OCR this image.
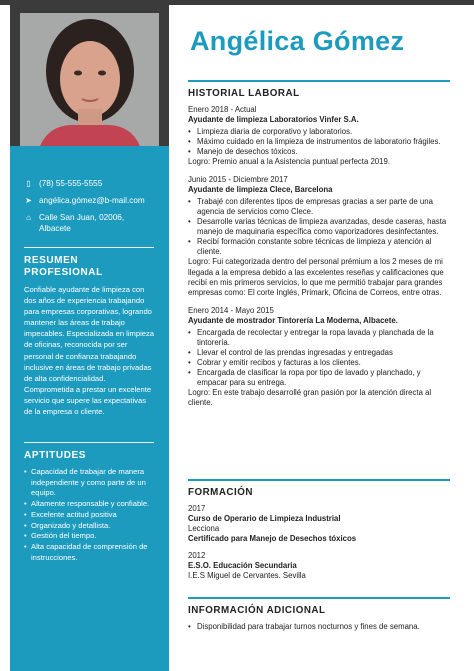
▯ (78) 55-555-5555
➤ angélica.gómez@b-mail.com
⌂ Calle San Juan, 02006,
Albacete
RESUMEN
PROFESIONAL
Confiable ayudante de limpieza con dos años de experiencia trabajando para empresas corporativas, logrando mantener las áreas de trabajo impecables. Especializada en limpieza de oficinas, reconocida por ser personal de confianza trabajando inclusive en áreas de trabajo privadas de alta confidencialidad. Comprometida a prestar un excelente servicio que supere las expectativas de la empresa o cliente.
APTITUDES
• Capacidad de trabajar de manera independiente y como parte de un equipo.
• Altamente responsable y confiable.
• Excelente actitud positiva
• Organizado y detallista.
• Gestión del tiempo.
• Alta capacidad de comprensión de instrucciones.
Angélica Gómez
HISTORIAL LABORAL
Enero 2018 - Actual
Ayudante de limpieza Laboratorios Vinfer S.A.
• Limpieza diaria de corporativo y laboratorios.
• Máximo cuidado en la limpieza de instrumentos de laboratorio frágiles.
• Manejo de desechos tóxicos.
Logro: Premio anual a la Asistencia puntual perfecta 2019.
Junio 2015 - Diciembre 2017
Ayudante de limpieza Clece, Barcelona
• Trabajé con diferentes tipos de empresas gracias a ser parte de una agencia de servicios como Clece.
• Desarrolle varias técnicas de limpieza avanzadas, desde caseras, hasta manejo de maquinaria específica como vaporizadores desinfectantes.
• Recibí formación constante sobre técnicas de limpieza y atención al cliente.
Logro: Fui categorizada dentro del personal prémium a los 2 meses de mi llegada a la empresa debido a las excelentes reseñas y calificaciones que recibí en mis primeros servicios, lo que me permitió trabajar para grandes empresas como: El corte Inglés, Primark, Oficina de Correos, entre otras.
Enero 2014 - Mayo 2015
Ayudante de mostrador Tintorería La Moderna, Albacete.
• Encargada de recolectar y entregar la ropa lavada y planchada de la tintorería.
• Llevar el control de las prendas ingresadas y entregadas
• Cobrar y emitir recibos y facturas a los clientes.
• Encargada de clasificar la ropa por tipo de lavado y planchado, y empacar para su entrega.
Logro: En este trabajo desarrollé gran pasión por la atención directa al cliente.
FORMACIÓN
2017
Curso de Operario de Limpieza Industrial
Lecciona
Certificado para Manejo de Desechos tóxicos
2012
E.S.O. Educación Secundaria
I.E.S Miguel de Cervantes. Sevilla
INFORMACIÓN ADICIONAL
• Disponibilidad para trabajar turnos nocturnos y fines de semana.
